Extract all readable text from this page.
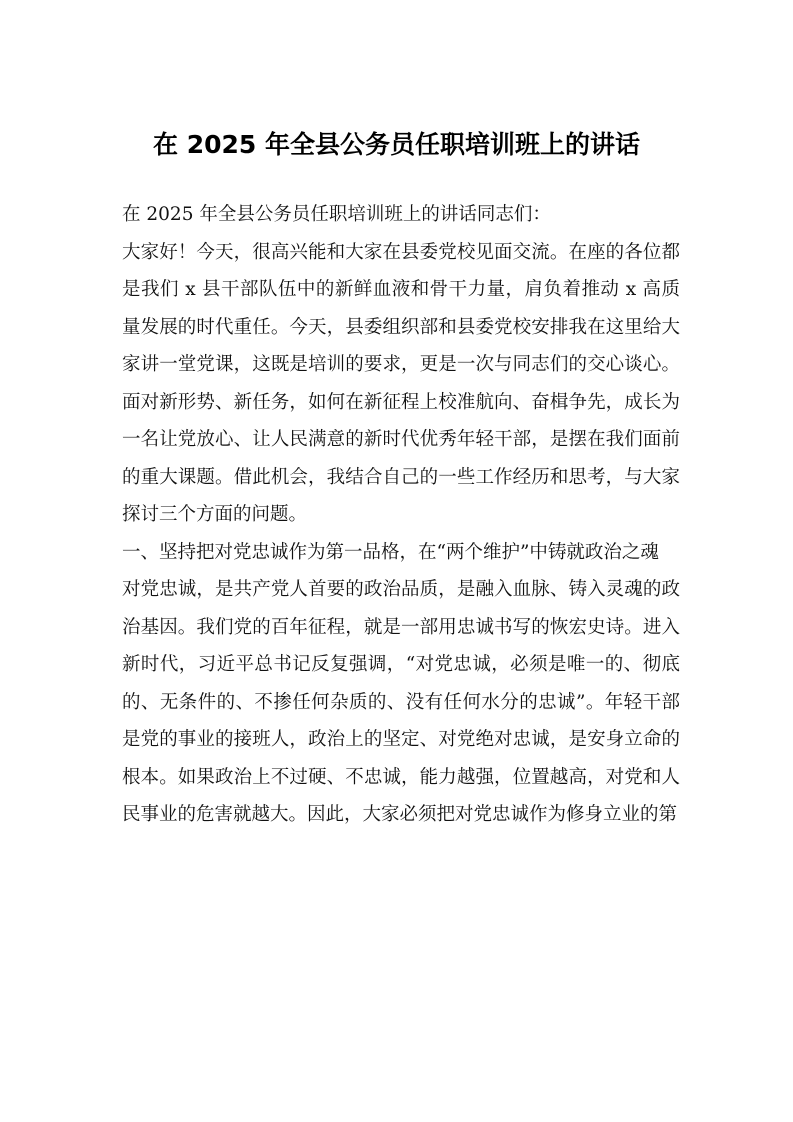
在 2025 年全县公务员任职培训班上的讲话

在 2025 年全县公务员任职培训班上的讲话同志们：

大家好！今天，很高兴能和大家在县委党校见面交流。在座的各位都是我们 x 县干部队伍中的新鲜血液和骨干力量，肩负着推动 x 高质量发展的时代重任。今天，县委组织部和县委党校安排我在这里给大家讲一堂党课，这既是培训的要求，更是一次与同志们的交心谈心。面对新形势、新任务，如何在新征程上校准航向、奋楫争先，成长为一名让党放心、让人民满意的新时代优秀年轻干部，是摆在我们面前的重大课题。借此机会，我结合自己的一些工作经历和思考，与大家探讨三个方面的问题。

一、坚持把对党忠诚作为第一品格，在“两个维护”中铸就政治之魂

对党忠诚，是共产党人首要的政治品质，是融入血脉、铸入灵魂的政治基因。我们党的百年征程，就是一部用忠诚书写的恢宏史诗。进入新时代，习近平总书记反复强调，“对党忠诚，必须是唯一的、彻底的、无条件的、不掺任何杂质的、没有任何水分的忠诚”。年轻干部是党的事业的接班人，政治上的坚定、对党绝对忠诚，是安身立命的根本。如果政治上不过硬、不忠诚，能力越强，位置越高，对党和人民事业的危害就越大。因此，大家必须把对党忠诚作为修身立业的第
